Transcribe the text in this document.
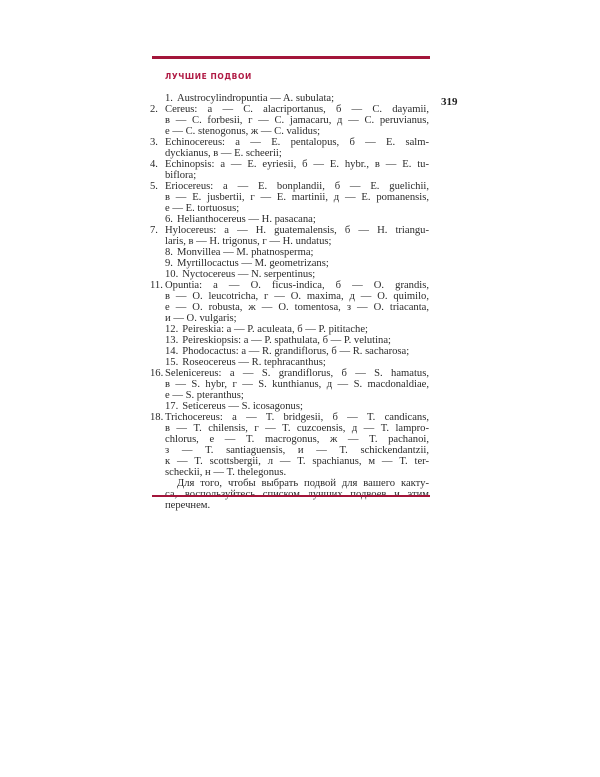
ЛУЧШИЕ ПОДВОИ
319
1. Austrocylindropuntia — A. subulata;
2. Cereus: а — C. alacriportanus, б — C. dayamii,
в — C. forbesii, г — C. jamacaru, д — C. peruvianus,
е — C. stenogonus, ж — C. validus;
3. Echinocereus: а — E. pentalopus, б — E. salm-
dyckianus, в — E. scheerii;
4. Echinopsis: а — E. eyriesii, б — E. hybr., в — E. tu-
biflora;
5. Eriocereus: а — E. bonplandii, б — E. guelichii,
в — E. jusbertii, г — E. martinii, д — E. pomanensis,
е — E. tortuosus;
6. Helianthocereus — H. pasacana;
7. Hylocereus: а — H. guatemalensis, б — H. triangu-
laris, в — H. trigonus, г — H. undatus;
8. Monvillea — M. phatnosperma;
9. Myrtillocactus — M. geometrizans;
10. Nyctocereus — N. serpentinus;
11. Opuntia: а — O. ficus-indica, б — O. grandis,
в — O. leucotricha, г — O. maxima, д — O. quimilo,
е — O. robusta, ж — O. tomentosa, з — O. triacanta,
и — O. vulgaris;
12. Peireskia: а — P. aculeata, б — P. pititache;
13. Peireskiopsis: а — P. spathulata, б — P. velutina;
14. Phodocactus: а — R. grandiflorus, б — R. sacharosa;
15. Roseocereus — R. tephracanthus;
16. Selenicereus: а — S. grandiflorus, б — S. hamatus,
в — S. hybr, г — S. kunthianus, д — S. macdonaldiae,
е — S. pteranthus;
17. Seticereus — S. icosagonus;
18. Trichocereus: а — T. bridgesii, б — T. candicans,
в — T. chilensis, г — T. cuzcoensis, д — T. lampro-
chlorus, е — T. macrogonus, ж — T. pachanoi,
з — T. santiaguensis, и — T. schickendantzii,
к — T. scottsbergii, л — T. spachianus, м — T. ter-
scheckii, н — T. thelegonus.
Для того, чтобы выбрать подвой для вашего какту-
перечнем.
